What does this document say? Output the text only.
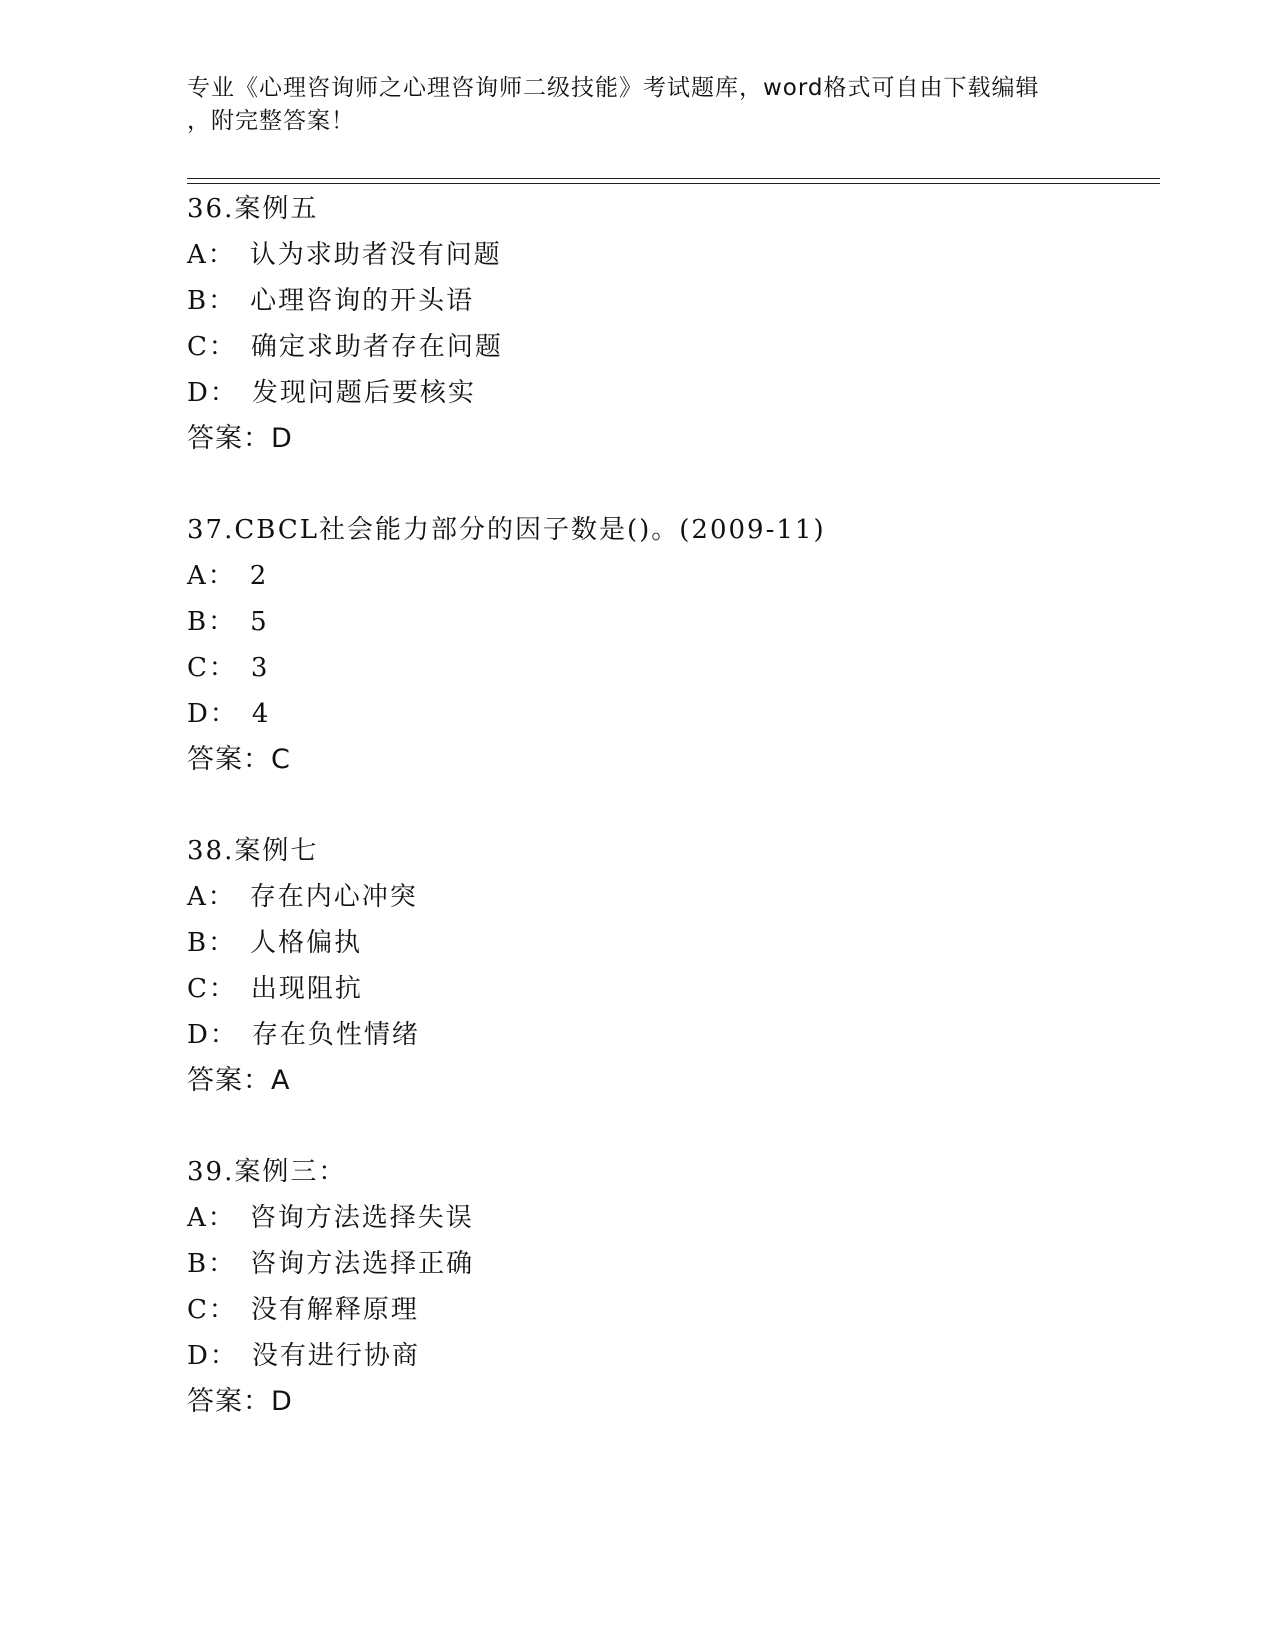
专业《心理咨询师之心理咨询师二级技能》考试题库，word格式可自由下载编辑
，附完整答案！
36.案例五
A： 认为求助者没有问题
B： 心理咨询的开头语
C： 确定求助者存在问题
D： 发现问题后要核实
答案：D
37.CBCL社会能力部分的因子数是()。(2009-11)
A： 2
B： 5
C： 3
D： 4
答案：C
38.案例七
A： 存在内心冲突
B： 人格偏执
C： 出现阻抗
D： 存在负性情绪
答案：A
39.案例三：
A： 咨询方法选择失误
B： 咨询方法选择正确
C： 没有解释原理
D： 没有进行协商
答案：D
